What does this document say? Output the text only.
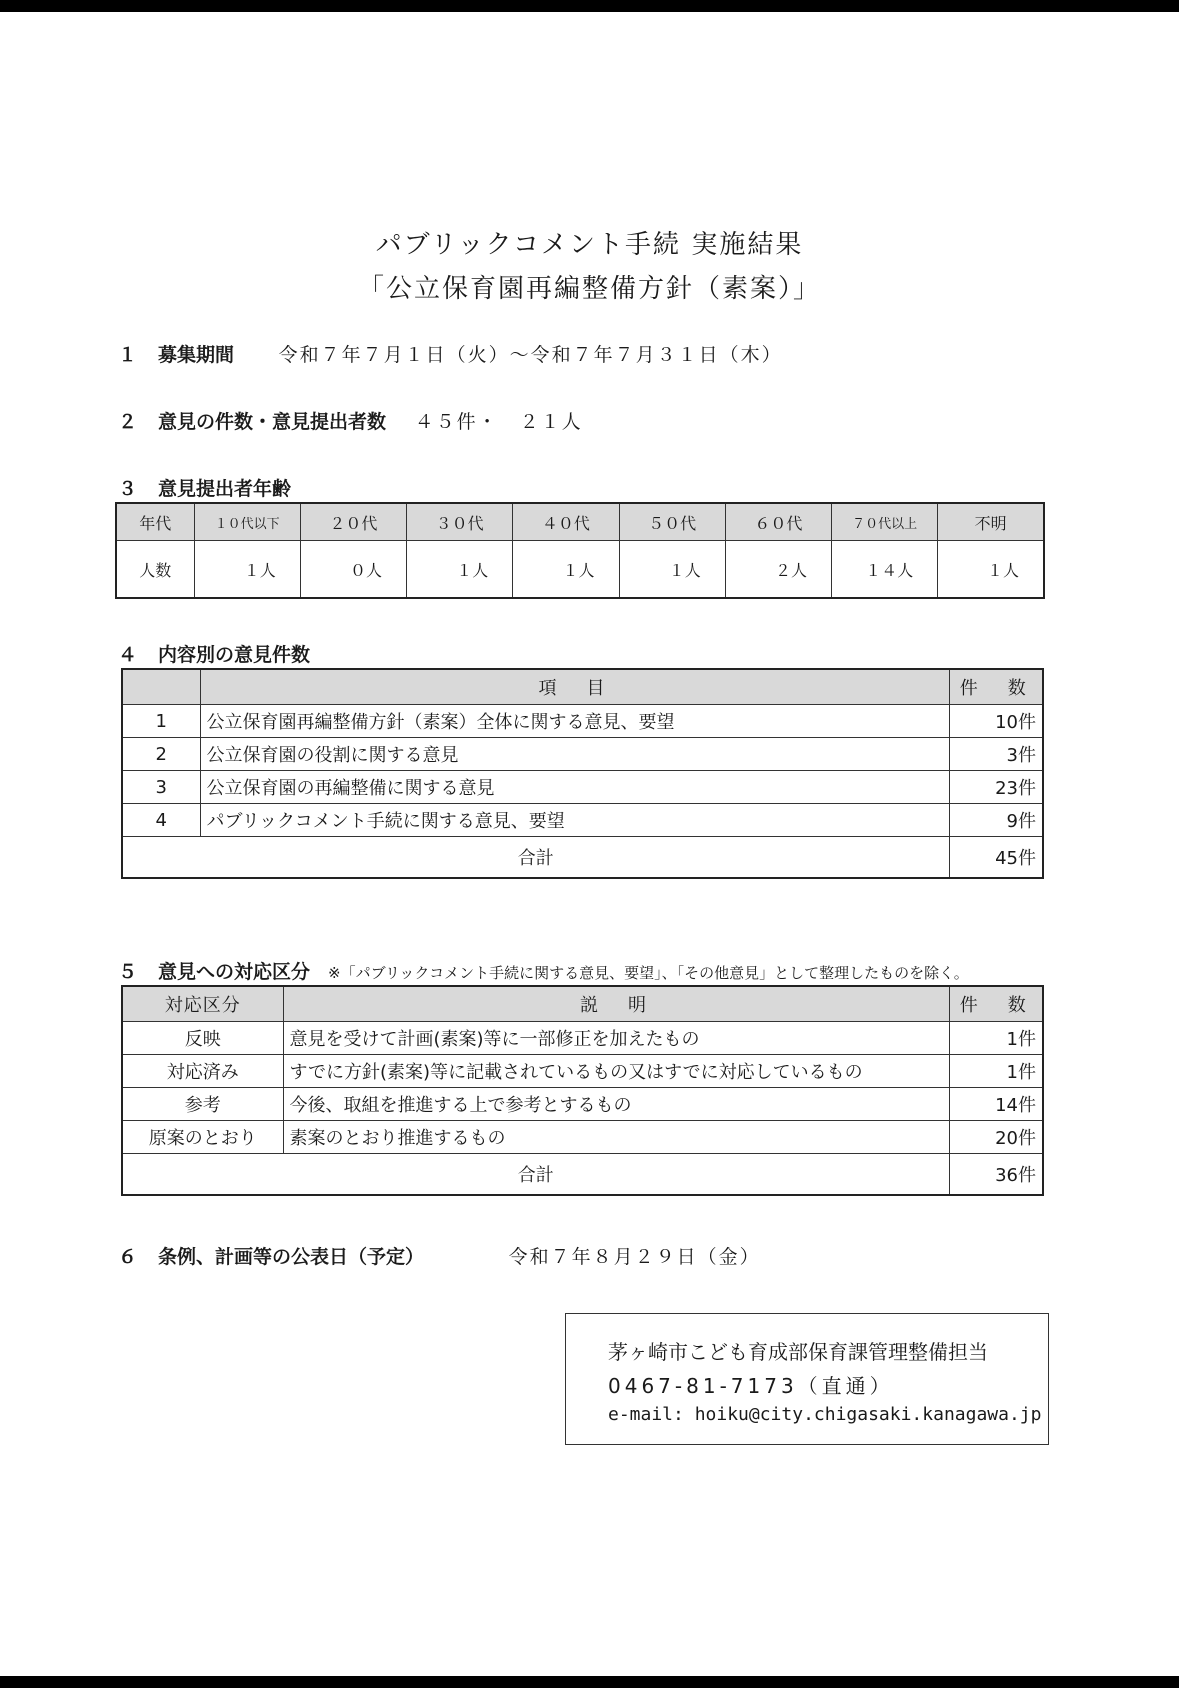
パブリックコメント手続 実施結果
「公立保育園再編整備方針（素案）」
１ 募集期間 令和７年７月１日（火）～令和７年７月３１日（木）
２ 意見の件数・意見提出者数 ４５件・　２１人
３ 意見提出者年齢
年代	１０代以下	２０代	３０代	４０代	５０代	６０代	７０代以上	不明
人数	１人	０人	１人	１人	１人	２人	１４人	１人
４ 内容別の意見件数
	項　目	件　数
1	公立保育園再編整備方針（素案）全体に関する意見、要望	10件
2	公立保育園の役割に関する意見	3件
3	公立保育園の再編整備に関する意見	23件
4	パブリックコメント手続に関する意見、要望	9件
合計		45件
５ 意見への対応区分 ※「パブリックコメント手続に関する意見、要望」、「その他意見」として整理したものを除く。
対応区分	説　明	件　数
反映	意見を受けて計画(素案)等に一部修正を加えたもの	1件
対応済み	すでに方針(素案)等に記載されているもの又はすでに対応しているもの	1件
参考	今後、取組を推進する上で参考とするもの	14件
原案のとおり	素案のとおり推進するもの	20件
合計		36件
６ 条例、計画等の公表日（予定）	令和７年８月２９日（金）
茅ヶ崎市こども育成部保育課管理整備担当
0467-81-7173（直通）
e-mail: hoiku@city.chigasaki.kanagawa.jp
